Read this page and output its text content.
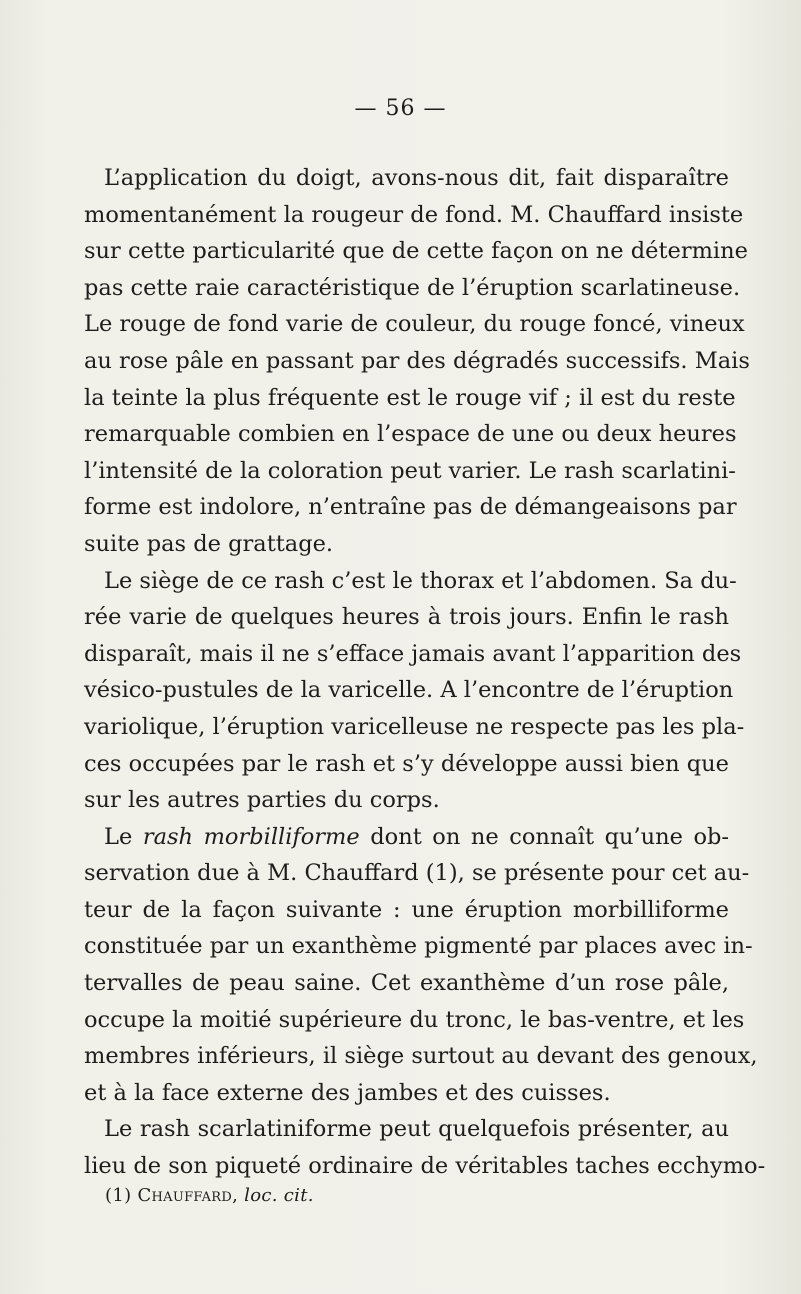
— 56 —
L’application du doigt, avons-nous dit, fait disparaître
momentanément la rougeur de fond. M. Chauffard insiste
sur cette particularité que de cette façon on ne détermine
pas cette raie caractéristique de l’éruption scarlatineuse.
Le rouge de fond varie de couleur, du rouge foncé, vineux
au rose pâle en passant par des dégradés successifs. Mais
la teinte la plus fréquente est le rouge vif ; il est du reste
remarquable combien en l’espace de une ou deux heures
l’intensité de la coloration peut varier. Le rash scarlatini-
forme est indolore, n’entraîne pas de démangeaisons par
suite pas de grattage.
Le siège de ce rash c’est le thorax et l’abdomen. Sa du-
rée varie de quelques heures à trois jours. Enfin le rash
disparaît, mais il ne s’efface jamais avant l’apparition des
vésico-pustules de la varicelle. A l’encontre de l’éruption
variolique, l’éruption varicelleuse ne respecte pas les pla-
ces occupées par le rash et s’y développe aussi bien que
sur les autres parties du corps.
Le rash morbilliforme dont on ne connaît qu’une ob-
servation due à M. Chauffard (1), se présente pour cet au-
teur de la façon suivante : une éruption morbilliforme
constituée par un exanthème pigmenté par places avec in-
tervalles de peau saine. Cet exanthème d’un rose pâle,
occupe la moitié supérieure du tronc, le bas-ventre, et les
membres inférieurs, il siège surtout au devant des genoux,
et à la face externe des jambes et des cuisses.
Le rash scarlatiniforme peut quelquefois présenter, au
lieu de son piqueté ordinaire de véritables taches ecchymo-
(1) Chauffard, loc. cit.
